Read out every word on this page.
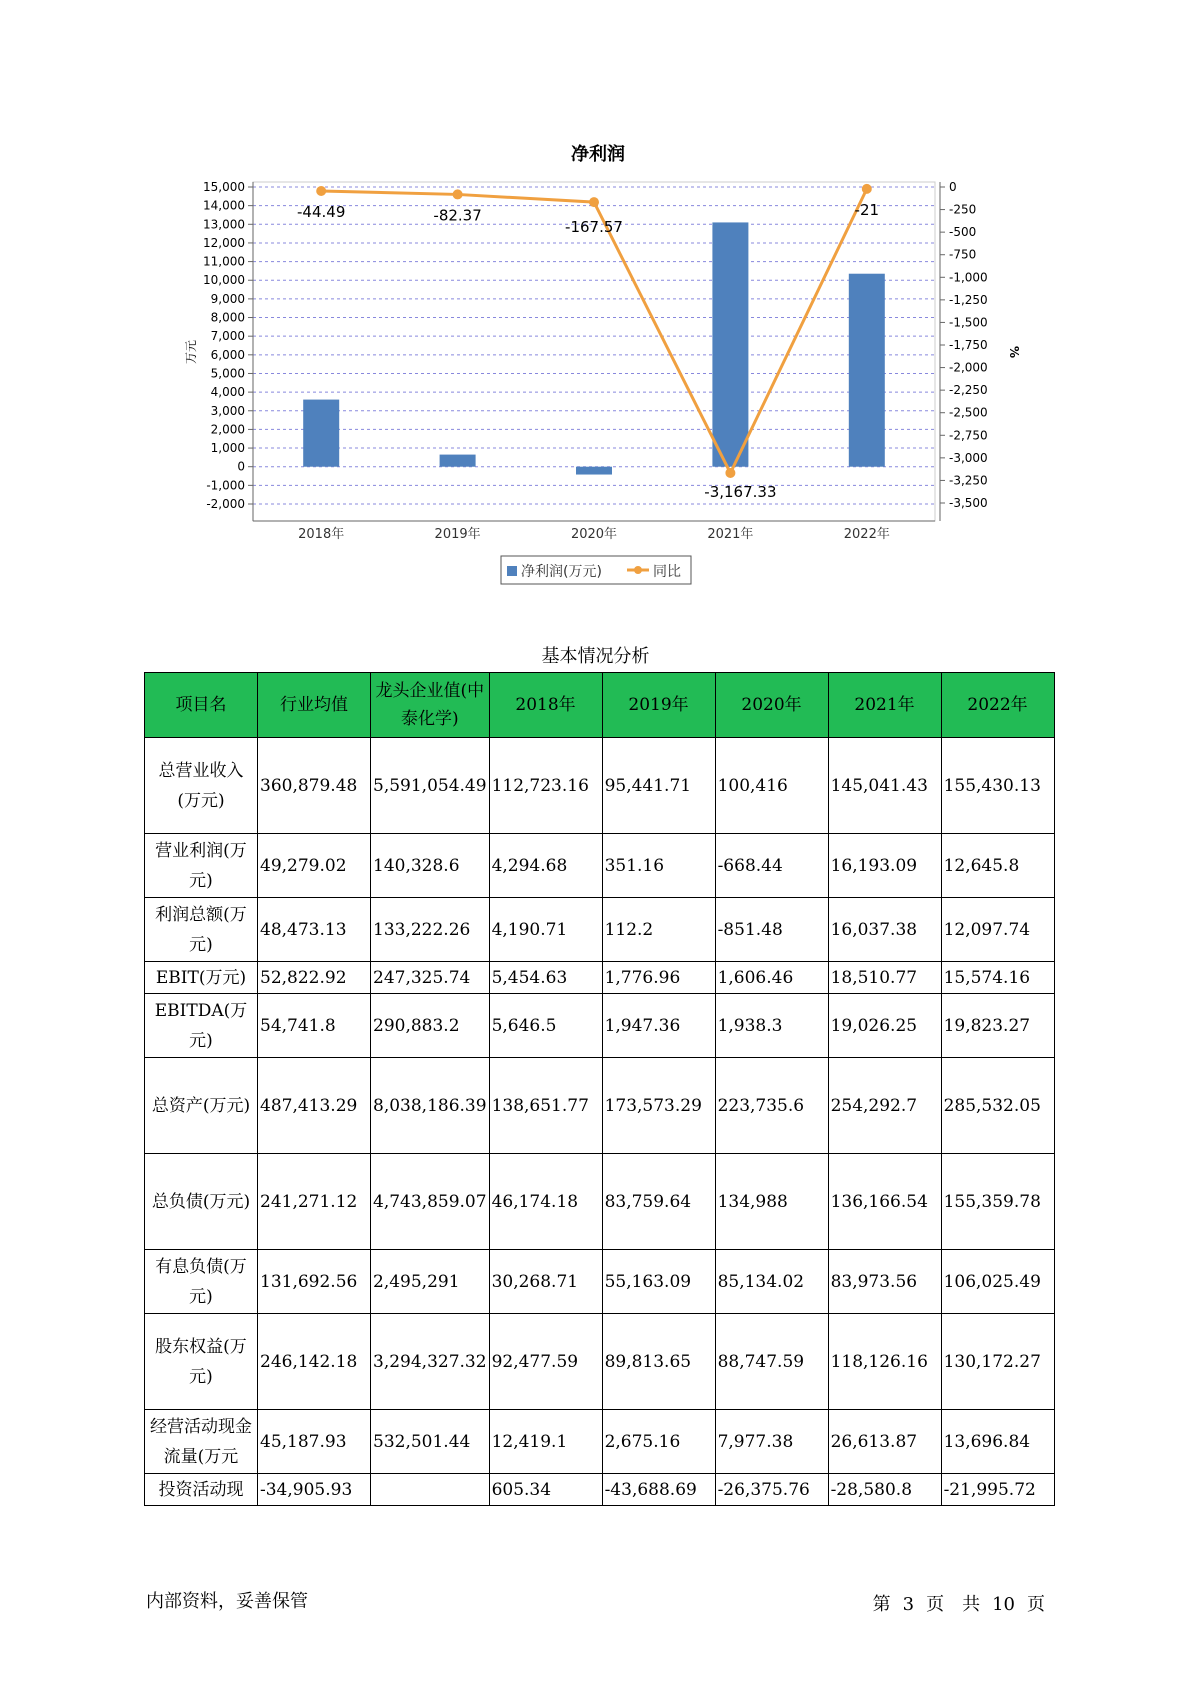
净利润
15,000
14,000
13,000
12,000
11,000
10,000
9,000
8,000
7,000
6,000
5,000
4,000
3,000
2,000
1,000
0
-1,000
-2,000
0
-250
-500
-750
-1,000
-1,250
-1,500
-1,750
-2,000
-2,250
-2,500
-2,750
-3,000
-3,250
-3,500
万元	%
2018年	2019年	2020年	2021年	2022年
-44.49	-82.37
-167.57
-3,167.33
-21
净利润(万元)	同比
基本情况分析
项目名	行业均值	龙头企业值(中泰化学)	2018年	2019年	2020年	2021年	2022年
总营业收入(万元)	360,879.48	5,591,054.49	112,723.16	95,441.71	100,416	145,041.43	155,430.13
营业利润(万元)	49,279.02	140,328.6	4,294.68	351.16	-668.44	16,193.09	12,645.8
利润总额(万元)	48,473.13	133,222.26	4,190.71	112.2	-851.48	16,037.38	12,097.74
EBIT(万元)	52,822.92	247,325.74	5,454.63	1,776.96	1,606.46	18,510.77	15,574.16
EBITDA(万元)	54,741.8	290,883.2	5,646.5	1,947.36	1,938.3	19,026.25	19,823.27
总资产(万元)	487,413.29	8,038,186.39	138,651.77	173,573.29	223,735.6	254,292.7	285,532.05
总负债(万元)	241,271.12	4,743,859.07	46,174.18	83,759.64	134,988	136,166.54	155,359.78
有息负债(万元)	131,692.56	2,495,291	30,268.71	55,163.09	85,134.02	83,973.56	106,025.49
股东权益(万元)	246,142.18	3,294,327.32	92,477.59	89,813.65	88,747.59	118,126.16	130,172.27
经营活动现金流量(万元	45,187.93	532,501.44	12,419.1	2,675.16	7,977.38	26,613.87	13,696.84
投资活动现	-34,905.93		605.34	-43,688.69	-26,375.76	-28,580.8	-21,995.72
内部资料，妥善保管	第 3 页　共 10 页
